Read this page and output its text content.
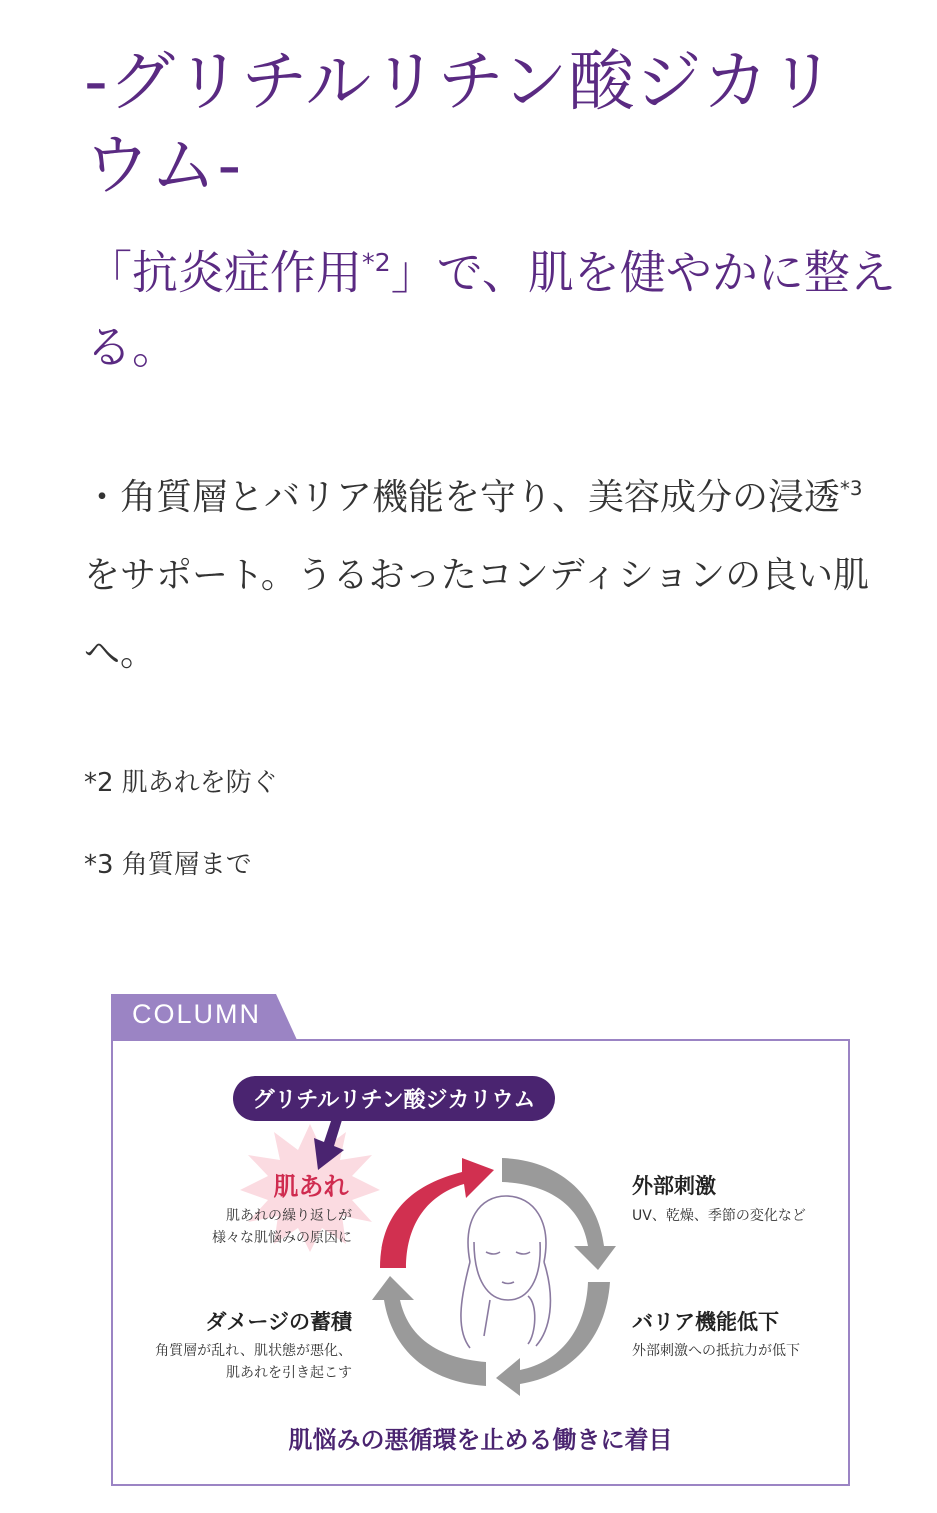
-グリチルリチン酸ジカリウム-

「抗炎症作用$^{*2}$」で、肌を健やかに整える。

・角質層とバリア機能を守り、美容成分の浸透$^{*3}$をサポート。うるおったコンディションの良い肌へ。

*2 肌あれを防ぐ

*3 角質層まで

COLUMN
グリチルリチン酸ジカリウム

肌あれ

肌あれの繰り返しが

様々な肌悩みの原因に

外部刺激

UV、乾燥、季節の変化など

バリア機能低下

外部刺激への抵抗力が低下

ダメージの蓄積

角質層が乱れ、肌状態が悪化、

肌あれを引き起こす

肌悩みの悪循環を止める働きに着目
